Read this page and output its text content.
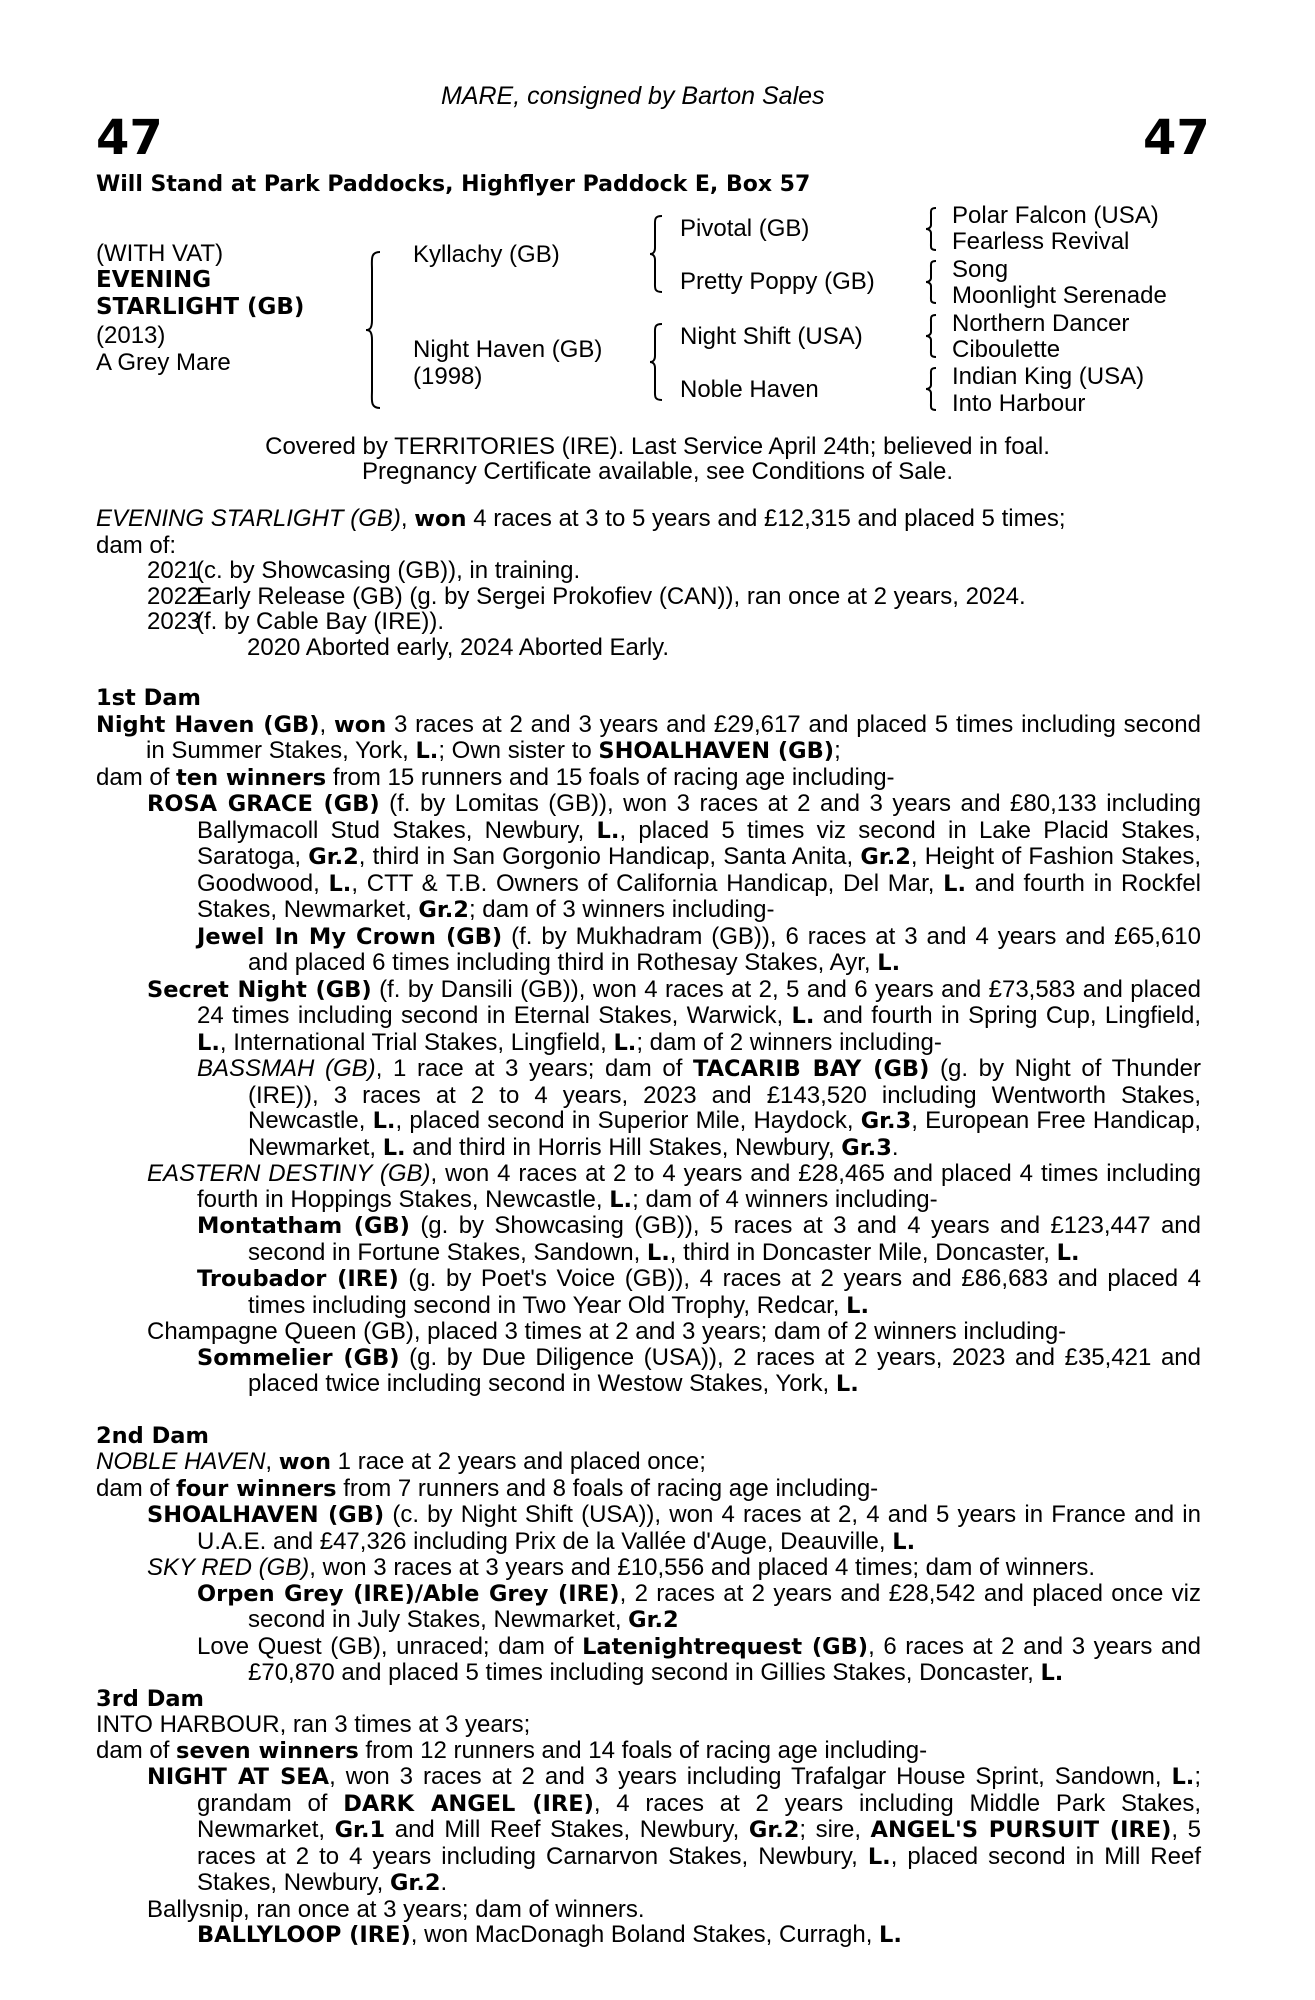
MARE, consigned by Barton Sales
47	47
Will Stand at Park Paddocks, Highflyer Paddock E, Box 57
(WITH VAT)
EVENING
STARLIGHT (GB)
(2013)
A Grey Mare
Kyllachy (GB)
Night Haven (GB)
(1998)
Pivotal (GB)
Pretty Poppy (GB)
Night Shift (USA)
Noble Haven
Polar Falcon (USA)
Fearless Revival
Song
Moonlight Serenade
Northern Dancer
Ciboulette
Indian King (USA)
Into Harbour
Covered by TERRITORIES (IRE). Last Service April 24th; believed in foal.
Pregnancy Certificate available, see Conditions of Sale.

EVENING STARLIGHT (GB), won 4 races at 3 to 5 years and £12,315 and placed 5 times;

dam of:

2021(c. by Showcasing (GB)), in training.

2022Early Release (GB) (g. by Sergei Prokofiev (CAN)), ran once at 2 years, 2024.

2023(f. by Cable Bay (IRE)).

2020 Aborted early, 2024 Aborted Early.

1st Dam

Night Haven (GB), won 3 races at 2 and 3 years and £29,617 and placed 5 times including second in Summer Stakes, York, L.; Own sister to SHOALHAVEN (GB);

dam of ten winners from 15 runners and 15 foals of racing age including-

ROSA GRACE (GB) (f. by Lomitas (GB)), won 3 races at 2 and 3 years and £80,133 including Ballymacoll Stud Stakes, Newbury, L., placed 5 times viz second in Lake Placid Stakes, Saratoga, Gr.2, third in San Gorgonio Handicap, Santa Anita, Gr.2, Height of Fashion Stakes, Goodwood, L., CTT & T.B. Owners of California Handicap, Del Mar, L. and fourth in Rockfel Stakes, Newmarket, Gr.2; dam of 3 winners including-

Jewel In My Crown (GB) (f. by Mukhadram (GB)), 6 races at 3 and 4 years and £65,610 and placed 6 times including third in Rothesay Stakes, Ayr, L.

Secret Night (GB) (f. by Dansili (GB)), won 4 races at 2, 5 and 6 years and £73,583 and placed 24 times including second in Eternal Stakes, Warwick, L. and fourth in Spring Cup, Lingfield, L., International Trial Stakes, Lingfield, L.; dam of 2 winners including-

BASSMAH (GB), 1 race at 3 years; dam of TACARIB BAY (GB) (g. by Night of Thunder (IRE)), 3 races at 2 to 4 years, 2023 and £143,520 including Wentworth Stakes, Newcastle, L., placed second in Superior Mile, Haydock, Gr.3, European Free Handicap, Newmarket, L. and third in Horris Hill Stakes, Newbury, Gr.3.

EASTERN DESTINY (GB), won 4 races at 2 to 4 years and £28,465 and placed 4 times including fourth in Hoppings Stakes, Newcastle, L.; dam of 4 winners including-

Montatham (GB) (g. by Showcasing (GB)), 5 races at 3 and 4 years and £123,447 and second in Fortune Stakes, Sandown, L., third in Doncaster Mile, Doncaster, L.

Troubador (IRE) (g. by Poet's Voice (GB)), 4 races at 2 years and £86,683 and placed 4 times including second in Two Year Old Trophy, Redcar, L.

Champagne Queen (GB), placed 3 times at 2 and 3 years; dam of 2 winners including-

Sommelier (GB) (g. by Due Diligence (USA)), 2 races at 2 years, 2023 and £35,421 and placed twice including second in Westow Stakes, York, L.

2nd Dam

NOBLE HAVEN, won 1 race at 2 years and placed once;

dam of four winners from 7 runners and 8 foals of racing age including-

SHOALHAVEN (GB) (c. by Night Shift (USA)), won 4 races at 2, 4 and 5 years in France and in U.A.E. and £47,326 including Prix de la Vallée d'Auge, Deauville, L.

SKY RED (GB), won 3 races at 3 years and £10,556 and placed 4 times; dam of winners.

Orpen Grey (IRE)/Able Grey (IRE), 2 races at 2 years and £28,542 and placed once viz second in July Stakes, Newmarket, Gr.2

Love Quest (GB), unraced; dam of Latenightrequest (GB), 6 races at 2 and 3 years and £70,870 and placed 5 times including second in Gillies Stakes, Doncaster, L.

3rd Dam

INTO HARBOUR, ran 3 times at 3 years;

dam of seven winners from 12 runners and 14 foals of racing age including-

NIGHT AT SEA, won 3 races at 2 and 3 years including Trafalgar House Sprint, Sandown, L.; grandam of DARK ANGEL (IRE), 4 races at 2 years including Middle Park Stakes, Newmarket, Gr.1 and Mill Reef Stakes, Newbury, Gr.2; sire, ANGEL'S PURSUIT (IRE), 5 races at 2 to 4 years including Carnarvon Stakes, Newbury, L., placed second in Mill Reef Stakes, Newbury, Gr.2.

Ballysnip, ran once at 3 years; dam of winners.

BALLYLOOP (IRE), won MacDonagh Boland Stakes, Curragh, L.
